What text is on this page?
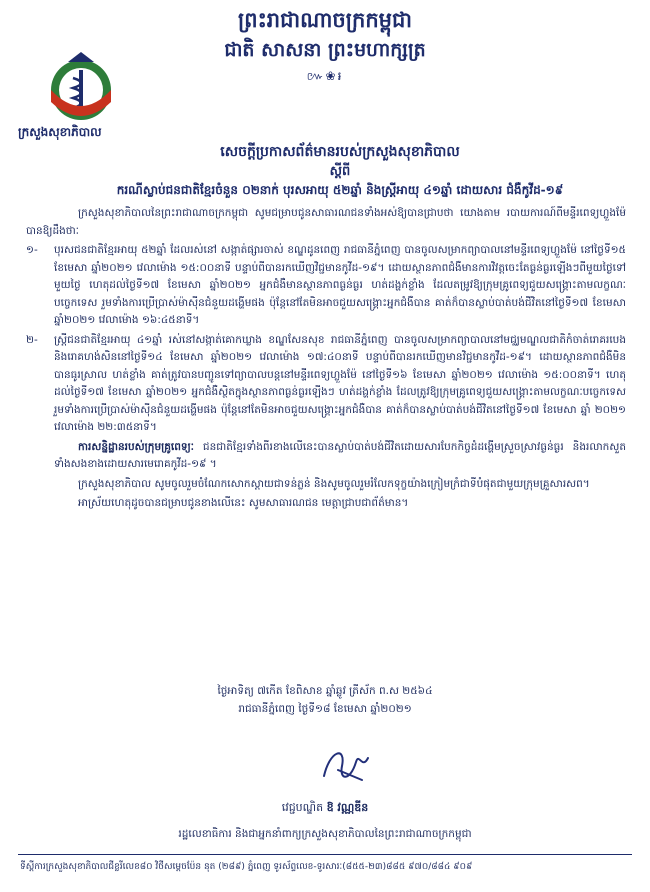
ព្រះរាជាណាចក្រកម្ពុជា
ជាតិ សាសនា ព្រះមហាក្សត្រ
៚❀៛
ក្រសួងសុខាភិបាល
សេចក្តីប្រកាសព័ត៌មានរបស់ក្រសួងសុខាភិបាល
ស្តីពី
ករណីស្លាប់ជនជាតិខ្មែរចំនួន ០២នាក់ បុរសអាយុ ៥២ឆ្នាំ និងស្ត្រីអាយុ ៤១ឆ្នាំ ដោយសារ ជំងឺកូវីដ-១៩

ក្រសួងសុខាភិបាលនៃព្រះរាជាណាចក្រកម្ពុជា សូមជម្រាបជូនសាធារណជនទាំងអស់ឱ្យបានជ្រាបថា យោងតាម របាយការណ៍ពីមន្ទីរពេទ្យហ្លួងម៉ែ បានឱ្យដឹងថាៈ

១- បុរសជនជាតិខ្មែរអាយុ ៥២ឆ្នាំ ដែលរស់នៅ សង្កាត់ផ្សារចាស់ ខណ្ឌដូនពេញ រាជធានីភ្នំពេញ បានចូលសម្រាកព្យាបាលនៅមន្ទីរពេទ្យហ្លួងម៉ែ នៅថ្ងៃទី១៥ ខែមេសា ឆ្នាំ២០២១ វេលាម៉ោង ១៥:០០នាទី បន្ទាប់ពីបានរកឃើញវិជ្ជមានកូវីដ-១៩។ ដោយស្ថានភាពជំងឺមានការវិវត្តចេះតែធ្ងន់ធ្ងរឡើងៗពីមួយថ្ងៃទៅមួយថ្ងៃ ហេតុដល់ថ្ងៃទី១៧ ខែមេសា ឆ្នាំ២០២១ អ្នកជំងឺមានស្ថានភាពធ្ងន់ធ្ងរ ហត់ដង្ហក់ខ្លាំង ដែលតម្រូវឱ្យក្រុមគ្រូពេទ្យជួយសង្គ្រោះតាមលក្ខណៈបច្ចេកទេស រួមទាំងការប្រើប្រាស់ម៉ាស៊ីនជំនួយដង្ហើមផង ប៉ុន្តែនៅតែមិនអាចជួយសង្គ្រោះអ្នកជំងឺបាន គាត់ក៏បានស្លាប់បាត់បង់ជីវិតនៅថ្ងៃទី១៧ ខែមេសា ឆ្នាំ២០២១ វេលាម៉ោង ១៦:៤៥នាទី។
២- ស្ត្រីជនជាតិខ្មែរអាយុ ៤១ឆ្នាំ រស់នៅសង្កាត់គោកឃ្លាង ខណ្ឌសែនសុខ រាជធានីភ្នំពេញ បានចូលសម្រាកព្យាបាលនៅមជ្ឈមណ្ឌលជាតិកំចាត់រោគរបេង និងរោគហង់សិននៅថ្ងៃទី១៤ ខែមេសា ឆ្នាំ២០២១ វេលាម៉ោង ១៧:៤០នាទី បន្ទាប់ពីបានរកឃើញមានវិជ្ជមានកូវីដ-១៩។ ដោយស្ថានភាពជំងឺមិនបានធូរស្រាល ហត់ខ្លាំង គាត់ត្រូវបានបញ្ជូនទៅព្យាបាលបន្តនៅមន្ទីរពេទ្យហ្លួងម៉ែ នៅថ្ងៃទី១៦ ខែមេសា ឆ្នាំ២០២១ វេលាម៉ោង ១៥:០០នាទី។ ហេតុដល់ថ្ងៃទី១៧ ខែមេសា ឆ្នាំ២០២១ អ្នកជំងឺស្ថិតក្នុងស្ថានភាពធ្ងន់ធ្ងរឡើងៗ ហត់ដង្ហក់ខ្លាំង ដែលត្រូវឱ្យក្រុមគ្រូពេទ្យជួយសង្គ្រោះតាមលក្ខណៈបច្ចេកទេស រួមទាំងការប្រើប្រាស់ម៉ាស៊ីនជំនួយដង្ហើមផង ប៉ុន្តែនៅតែមិនអាចជួយសង្គ្រោះអ្នកជំងឺបាន គាត់ក៏បានស្លាប់បាត់បង់ជីវិតនៅថ្ងៃទី១៧ ខែមេសា ឆ្នាំ ២០២១ វេលាម៉ោង ២២:៣៥នាទី។
ការសន្និដ្ឋានរបស់ក្រុមគ្រូពេទ្យៈ ជនជាតិខ្មែរទាំងពីរខាងលើនេះបានស្លាប់បាត់បង់ជីវិតដោយសារបែកកិច្ចដំដង្ហើមស្រួចស្រាវធ្ងន់ធ្ងរ និងរលាកសួតទាំងសងខាងដោយសារមេរោគកូវីដ-១៩ ។
ក្រសួងសុខាភិបាល សូមចូលរួមចំណែកសោកស្តាយជាទន់ភ្លន់ និងសូមចូលរួមរំលែកទុក្ខយ៉ាងក្រៀមក្រំជាទីបំផុតជាមួយក្រុមគ្រួសារសព។
អាស្រ័យហេតុដូចបានជម្រាបជូនខាងលើនេះ សូមសាធារណជន មេត្តាជ្រាបជាព័ត៌មាន។
ថ្ងៃអាទិត្យ ៧កើត ខែពិសាខ ឆ្នាំឆ្លូវ ត្រីស័ក ព.ស ២៥៦៤
រាជធានីភ្នំពេញ ថ្ងៃទី១៨ ខែមេសា ឆ្នាំ២០២១
វេជ្ជបណ្ឌិត ឱ វណ្ណឌីន
រដ្ឋលេខាធិការ និងជាអ្នកនាំពាក្យក្រសួងសុខាភិបាលនៃព្រះរាជាណាចក្រកម្ពុជា
ទីស្តីការក្រសួងសុខាភិបាលជីខ្លរីលេខ៨០ វិថីសម្តេចប៉ែន នុត (២៨៩) ភ្នំពេញ ទូរស័ព្ទលេខ-ទូរសារៈ(៨៥៥-២៣)៨៨៥ ៩៧០/៨៨៤ ៩០៩
